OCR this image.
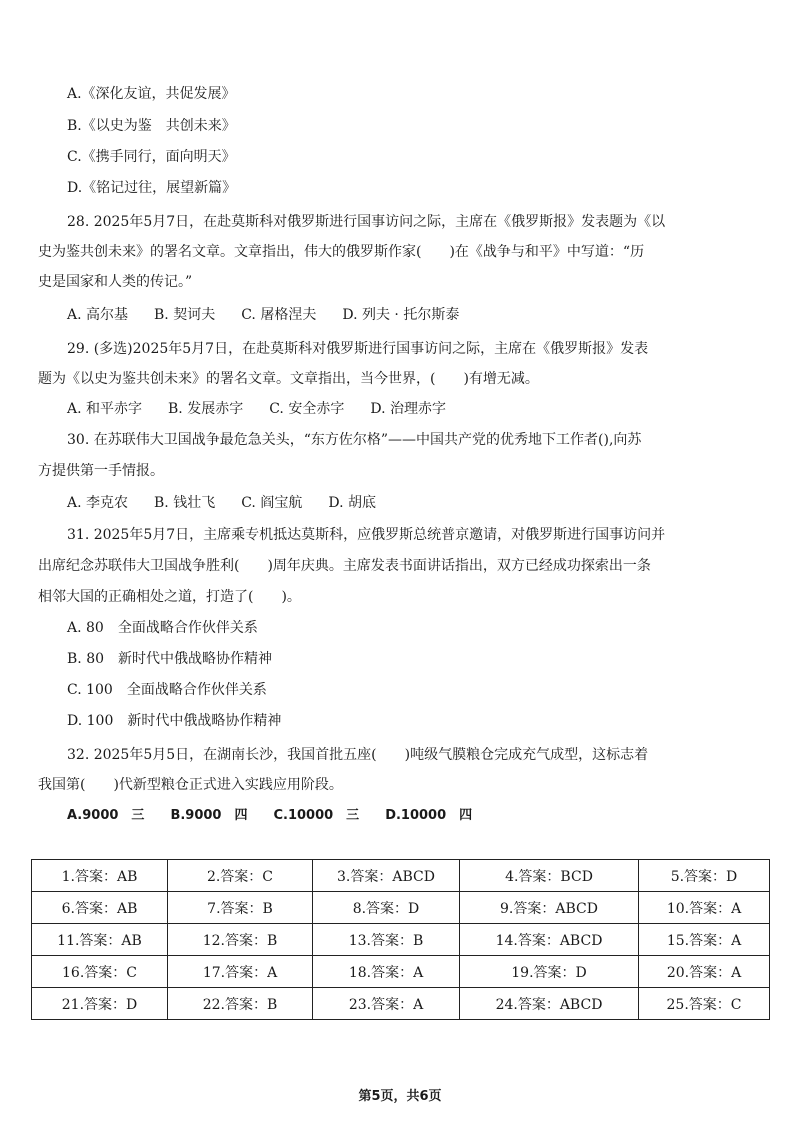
A.《深化友谊，共促发展》
B.《以史为鉴　共创未来》
C.《携手同行，面向明天》
D.《铭记过往，展望新篇》
28. 2025年5月7日，在赴莫斯科对俄罗斯进行国事访问之际，主席在《俄罗斯报》发表题为《以
史为鉴共创未来》的署名文章。文章指出，伟大的俄罗斯作家(　　)在《战争与和平》中写道：“历
史是国家和人类的传记。”
A. 高尔基 B. 契诃夫 C. 屠格涅夫 D. 列夫 · 托尔斯泰
29. (多选)2025年5月7日，在赴莫斯科对俄罗斯进行国事访问之际，主席在《俄罗斯报》发表
题为《以史为鉴共创未来》的署名文章。文章指出，当今世界，(　　)有增无减。
A. 和平赤字 B. 发展赤字 C. 安全赤字 D. 治理赤字
30. 在苏联伟大卫国战争最危急关头，“东方佐尔格”——中国共产党的优秀地下工作者(),向苏
方提供第一手情报。
A. 李克农 B. 钱壮飞 C. 阎宝航 D. 胡底
31. 2025年5月7日，主席乘专机抵达莫斯科，应俄罗斯总统普京邀请，对俄罗斯进行国事访问并
出席纪念苏联伟大卫国战争胜利(　　)周年庆典。主席发表书面讲话指出，双方已经成功探索出一条
相邻大国的正确相处之道，打造了(　　)。
A. 80　全面战略合作伙伴关系
B. 80　新时代中俄战略协作精神
C. 100　全面战略合作伙伴关系
D. 100　新时代中俄战略协作精神
32. 2025年5月5日，在湖南长沙，我国首批五座(　　)吨级气膜粮仓完成充气成型，这标志着
我国第(　　)代新型粮仓正式进入实践应用阶段。
A.9000　三 B.9000　四 C.10000　三 D.10000　四
1.答案：AB	2.答案：C	3.答案：ABCD	4.答案：BCD	5.答案：D
6.答案：AB	7.答案：B	8.答案：D	9.答案：ABCD	10.答案：A
11.答案：AB	12.答案：B	13.答案：B	14.答案：ABCD	15.答案：A
16.答案：C	17.答案：A	18.答案：A	19.答案：D	20.答案：A
21.答案：D	22.答案：B	23.答案：A	24.答案：ABCD	25.答案：C
第5页，共6页
